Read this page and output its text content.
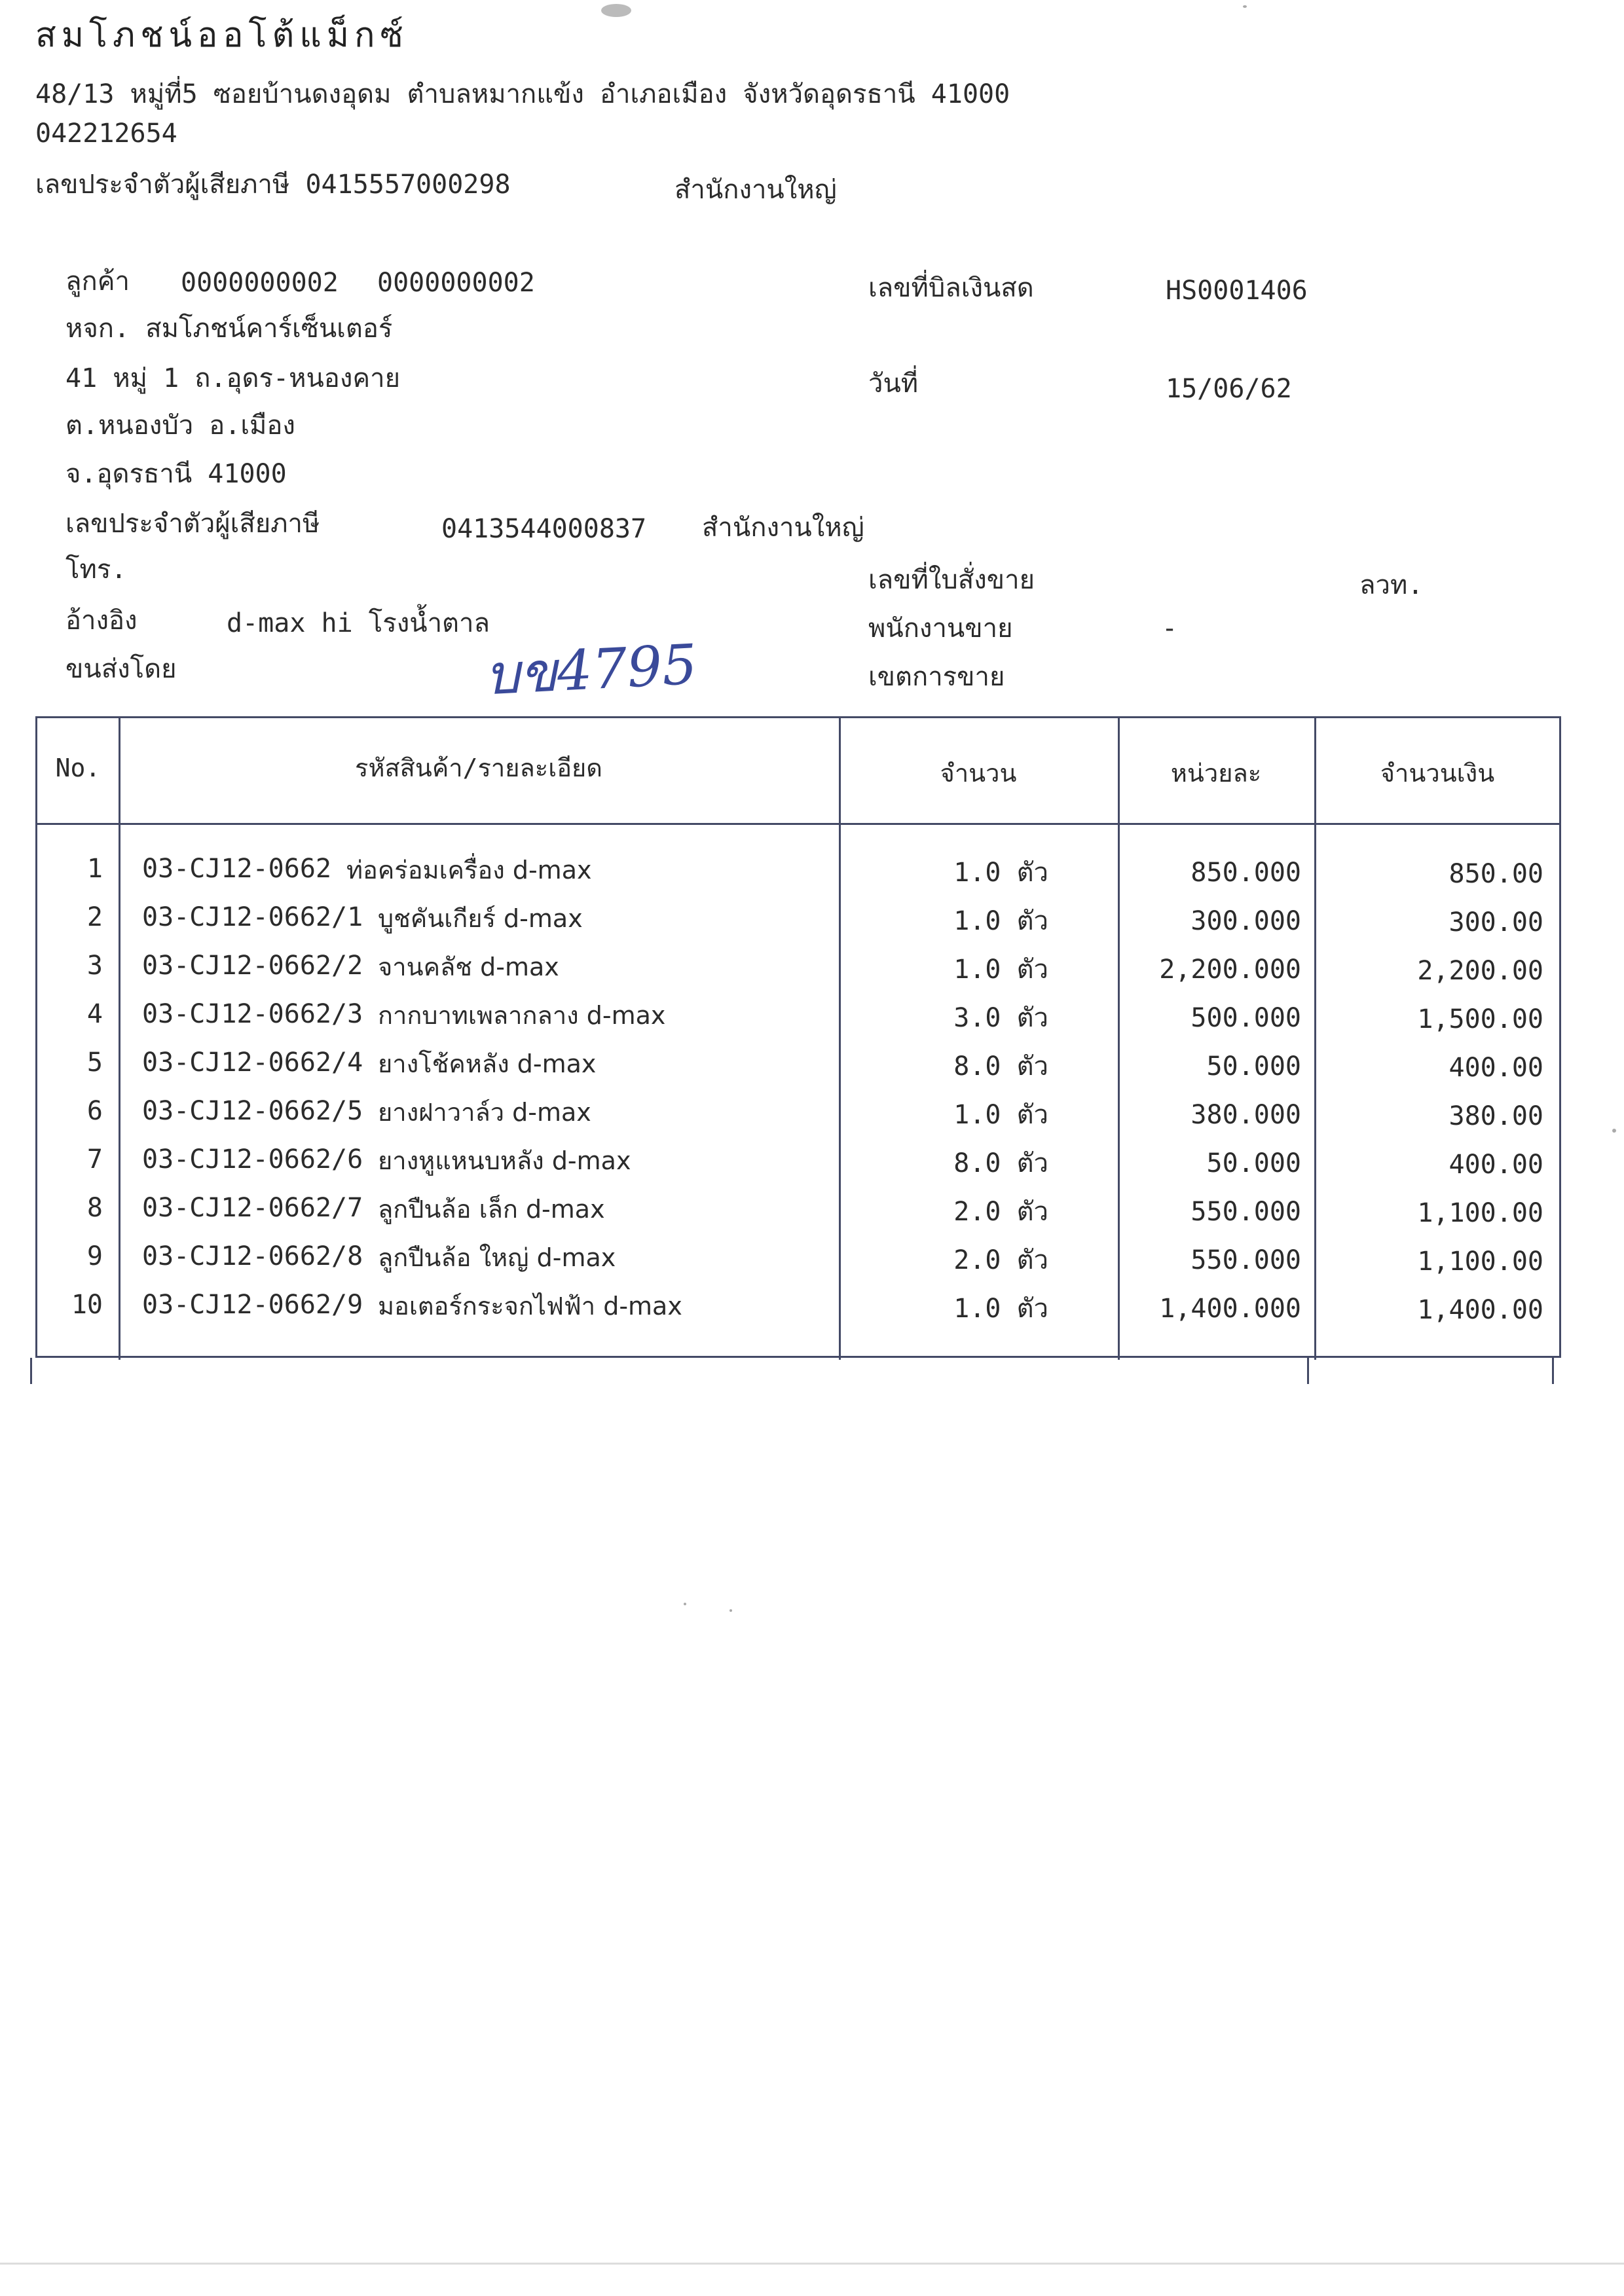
สมโภชน์ออโต้แม็กซ์
48/13 หมู่ที่5 ซอยบ้านดงอุดม ตำบลหมากแข้ง อำเภอเมือง จังหวัดอุดรธานี 41000
042212654
เลขประจำตัวผู้เสียภาษี 0415557000298	สำนักงานใหญ่
ลูกค้า 0000000002 0000000002
หจก. สมโภชน์คาร์เซ็นเตอร์
41 หมู่ 1 ถ.อุดร-หนองคาย
ต.หนองบัว อ.เมือง
จ.อุดรธานี 41000
เลขประจำตัวผู้เสียภาษี	0413544000837 สำนักงานใหญ่
โทร.
อ้างอิง	d-max hi โรงน้ำตาล
ขนส่งโดย	บข4795
เลขที่บิลเงินสด	HS0001406
วันที่	15/06/62
เลขที่ใบสั่งขาย	ลวท.
พนักงานขาย	-
เขตการขาย
No.	รหัสสินค้า/รายละเอียด	จำนวน	หน่วยละ	จำนวนเงิน
1 03-CJ12-0662 ท่อคร่อมเครื่อง d-max	1.0 ตัว	850.000	850.00
2 03-CJ12-0662/1 บูชคันเกียร์ d-max	1.0 ตัว	300.000	300.00
3 03-CJ12-0662/2 จานคลัช d-max	1.0 ตัว	2,200.000	2,200.00
4 03-CJ12-0662/3 กากบาทเพลากลาง d-max	3.0 ตัว	500.000	1,500.00
5 03-CJ12-0662/4 ยางโช้คหลัง d-max	8.0 ตัว	50.000	400.00
6 03-CJ12-0662/5 ยางฝาวาล์ว d-max	1.0 ตัว	380.000	380.00
7 03-CJ12-0662/6 ยางหูแหนบหลัง d-max	8.0 ตัว	50.000	400.00
8 03-CJ12-0662/7 ลูกปืนล้อ เล็ก d-max	2.0 ตัว	550.000	1,100.00
9 03-CJ12-0662/8 ลูกปืนล้อ ใหญ่ d-max	2.0 ตัว	550.000	1,100.00
10 03-CJ12-0662/9 มอเตอร์กระจกไฟฟ้า d-max	1.0 ตัว	1,400.000	1,400.00
